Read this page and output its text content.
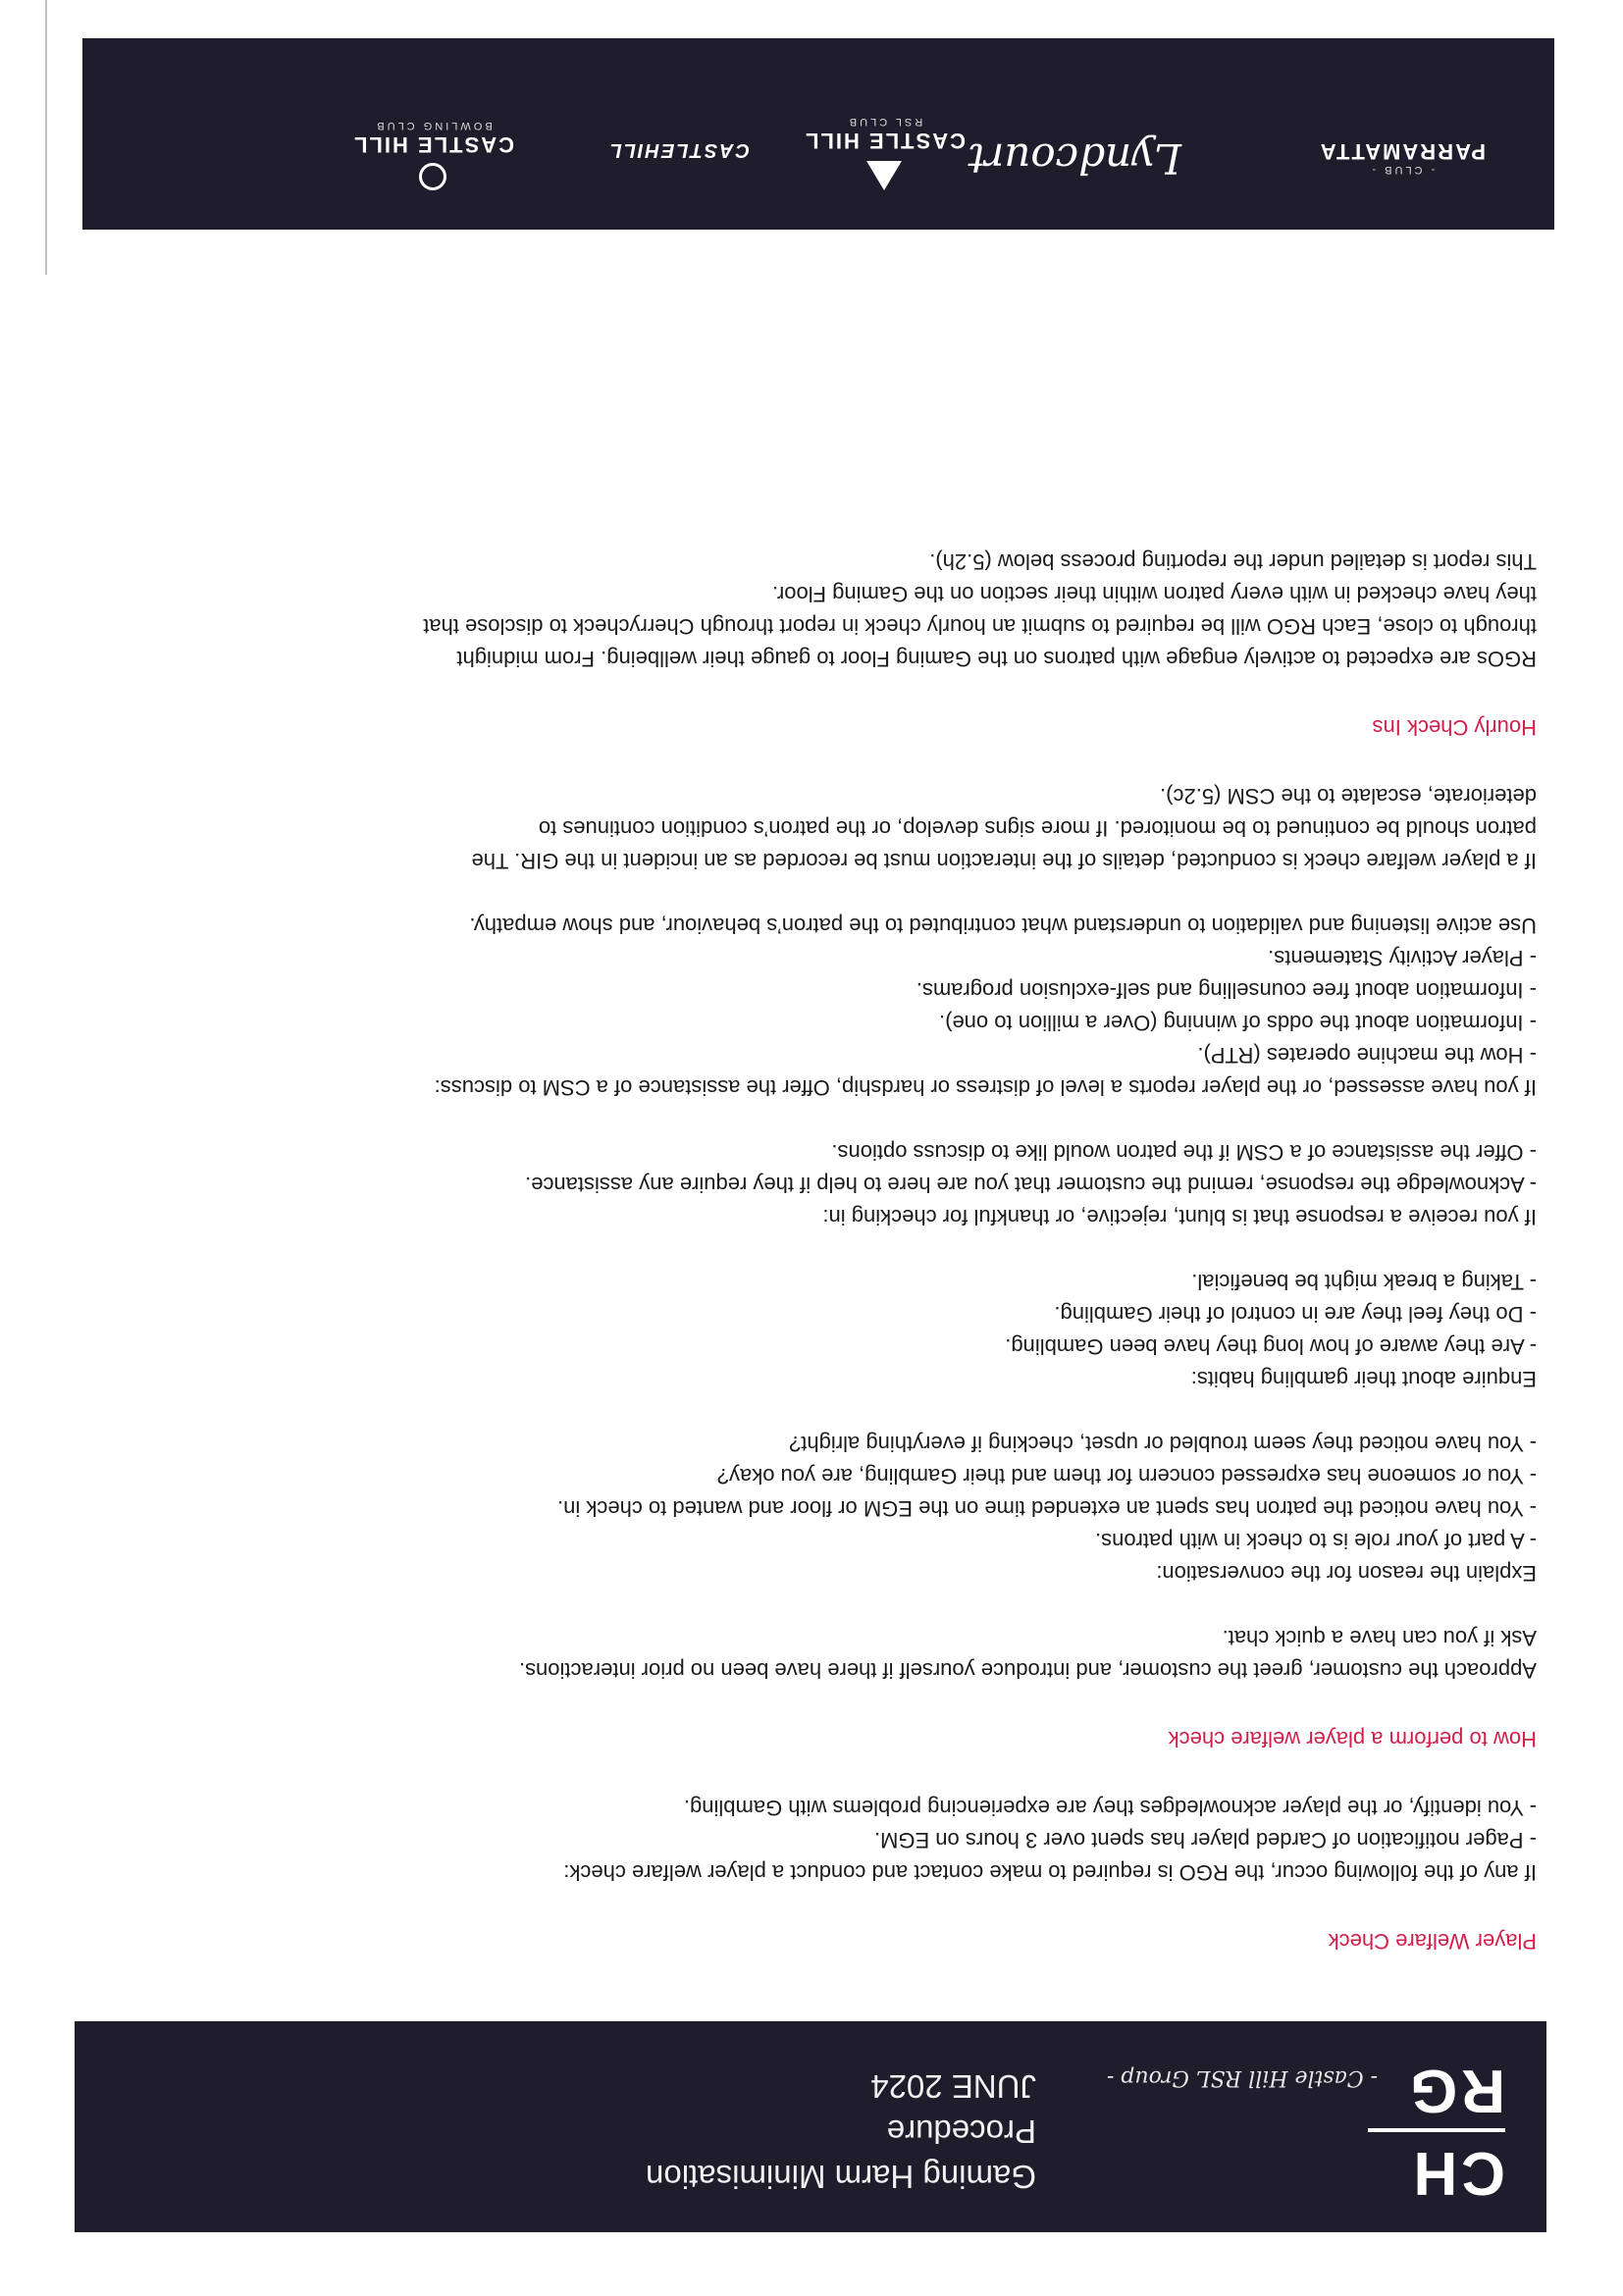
CH
RG
- Castle Hill RSL Group -
Gaming Harm Minimisation
Procedure
JUNE 2024

Player Welfare Check

If any of the following occur, the RGO is required to make contact and conduct a player welfare check:

- Pager notification of Carded player has spent over 3 hours on EGM.

- You identify, or the player acknowledges they are experiencing problems with Gambling.

How to perform a player welfare check

Approach the customer, greet the customer, and introduce yourself if there have been no prior interactions.

Ask if you can have a quick chat.

Explain the reason for the conversation:

- A part of your role is to check in with patrons.

- You have noticed the patron has spent an extended time on the EGM or floor and wanted to check in.

- You or someone has expressed concern for them and their Gambling, are you okay?

- You have noticed they seem troubled or upset, checking if everything alright?

Enquire about their gambling habits:

- Are they aware of how long they have been Gambling.

- Do they feel they are in control of their Gambling.

- Taking a break might be beneficial.

If you receive a response that is blunt, rejective, or thankful for checking in:

- Acknowledge the response, remind the customer that you are here to help if they require any assistance.

- Offer the assistance of a CSM if the patron would like to discuss options.

If you have assessed, or the player reports a level of distress or hardship, Offer the assistance of a CSM to discuss:

- How the machine operates (RTP).

- Information about the odds of winning (Over a million to one).

- Information about free counselling and self-exclusion programs.

- Player Activity Statements.

Use active listening and validation to understand what contributed to the patron’s behaviour, and show empathy.

If a player welfare check is conducted, details of the interaction must be recorded as an incident in the GIR. The

patron should be continued to be monitored. If more signs develop, or the patron’s condition continues to

deteriorate, escalate to the CSM (5.2c).

Hourly Check Ins

RGOs are expected to actively engage with patrons on the Gaming Floor to gauge their wellbeing. From midnight

through to close, Each RGO will be required to submit an hourly check in report through Cherrycheck to disclose that

they have checked in with every patron within their section on the Gaming Floor.

This report is detailed under the reporting process below (5.2h).

- CLUB -
PARRAMATTA
Lyndcourt
CASTLE HILL
RSL CLUB
CASTLEHILL
CASTLE HILL
BOWLING CLUB
